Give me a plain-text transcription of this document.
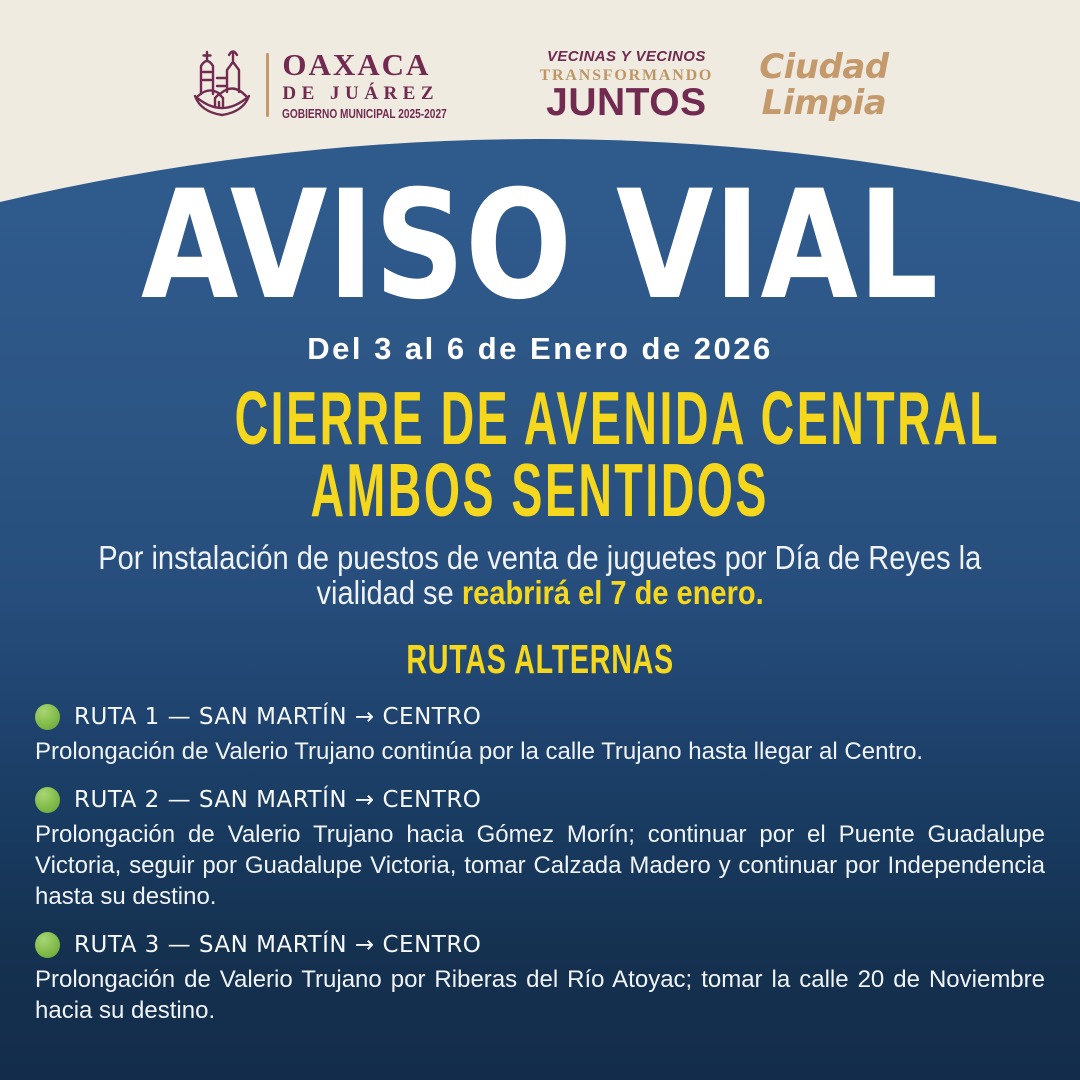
OAXACA
DE JUÁREZ
GOBIERNO MUNICIPAL 2025-2027
VECINAS Y VECINOS
TRANSFORMANDO
JUNTOS
Ciudad
Limpia
AVISO VIAL
Del 3 al 6 de Enero de 2026
CIERRE DE AVENIDA CENTRAL
AMBOS SENTIDOS
Por instalación de puestos de venta de juguetes por Día de Reyes la
vialidad se reabrirá el 7 de enero.
RUTAS ALTERNAS
RUTA 1 — SAN MARTÍN → CENTRO
Prolongación de Valerio Trujano continúa por la calle Trujano hasta llegar al Centro.
RUTA 2 — SAN MARTÍN → CENTRO
Prolongación de Valerio Trujano hacia Gómez Morín; continuar por el Puente Guadalupe Victoria, seguir por Guadalupe Victoria, tomar Calzada Madero y continuar por Independencia hasta su destino.
RUTA 3 — SAN MARTÍN → CENTRO
Prolongación de Valerio Trujano por Riberas del Río Atoyac; tomar la calle 20 de Noviembre hacia su destino.
